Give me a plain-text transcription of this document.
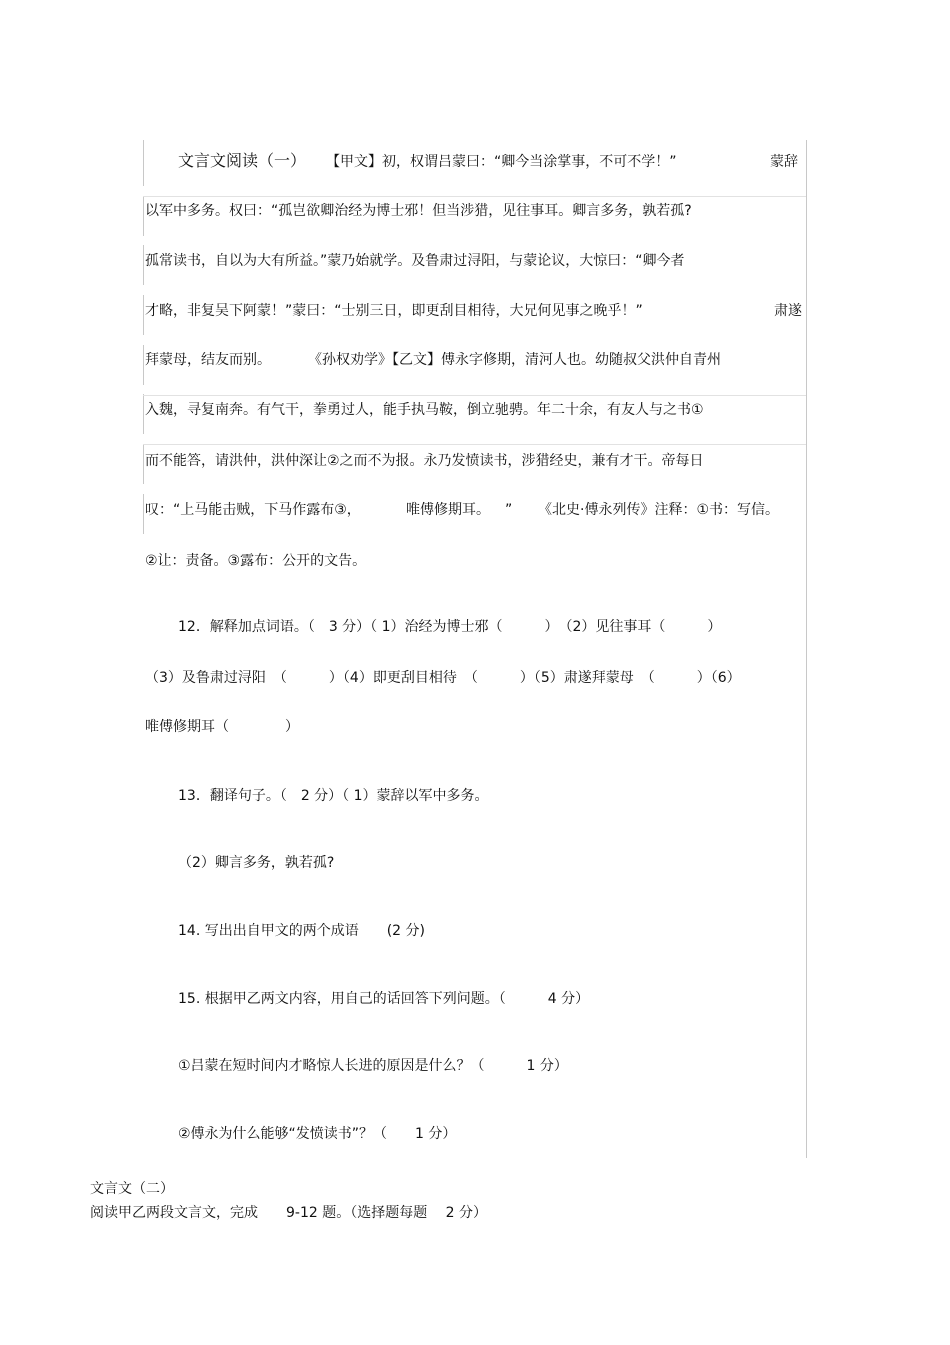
文言文阅读（一） 【甲文】初，权谓吕蒙曰：“卿今当涂掌事，不可不学！”	蒙辞
以军中多务。权曰：“孤岂欲卿治经为博士邪！但当涉猎，见往事耳。卿言多务，孰若孤?
孤常读书，自以为大有所益。”蒙乃始就学。及鲁肃过浔阳，与蒙论议，大惊曰：“卿今者
才略，非复吴下阿蒙！”蒙曰：“士别三日，即更刮目相待，大兄何见事之晚乎！”	肃遂
拜蒙母，结友而别。	《孙权劝学》【乙文】傅永字修期，清河人也。幼随叔父洪仲自青州
入魏，寻复南奔。有气干，拳勇过人，能手执马鞍，倒立驰骋。年二十余，有友人与之书①
而不能答，请洪仲，洪仲深让②之而不为报。永乃发愤读书，涉猎经史，兼有才干。帝每日
叹：“上马能击贼，下马作露布③，	唯傅修期耳。 ” 《北史·傅永列传》注释：①书：写信。
②让：责备。③露布：公开的文告。
12．解释加点词语。（　3 分）（ 1）治经为博士邪（　　　）　（2）见往事耳（　　　）
（3）及鲁肃过浔阳　（　　　）（4）即更刮目相待　（　　　）（5）肃遂拜蒙母　（　　　）（6）
唯傅修期耳（　　　　）
13．翻译句子。（　2 分）（ 1）蒙辞以军中多务。
（2）卿言多务，孰若孤?
14. 写出出自甲文的两个成语　　(2 分)
15. 根据甲乙两文内容，用自己的话回答下列问题。（　　　4 分）
①吕蒙在短时间内才略惊人长进的原因是什么？（　　　1 分）
②傅永为什么能够“发愤读书”？（　　1 分）
文言文（二）
阅读甲乙两段文言文，完成　　9-12 题。（选择题每题　 2 分）
